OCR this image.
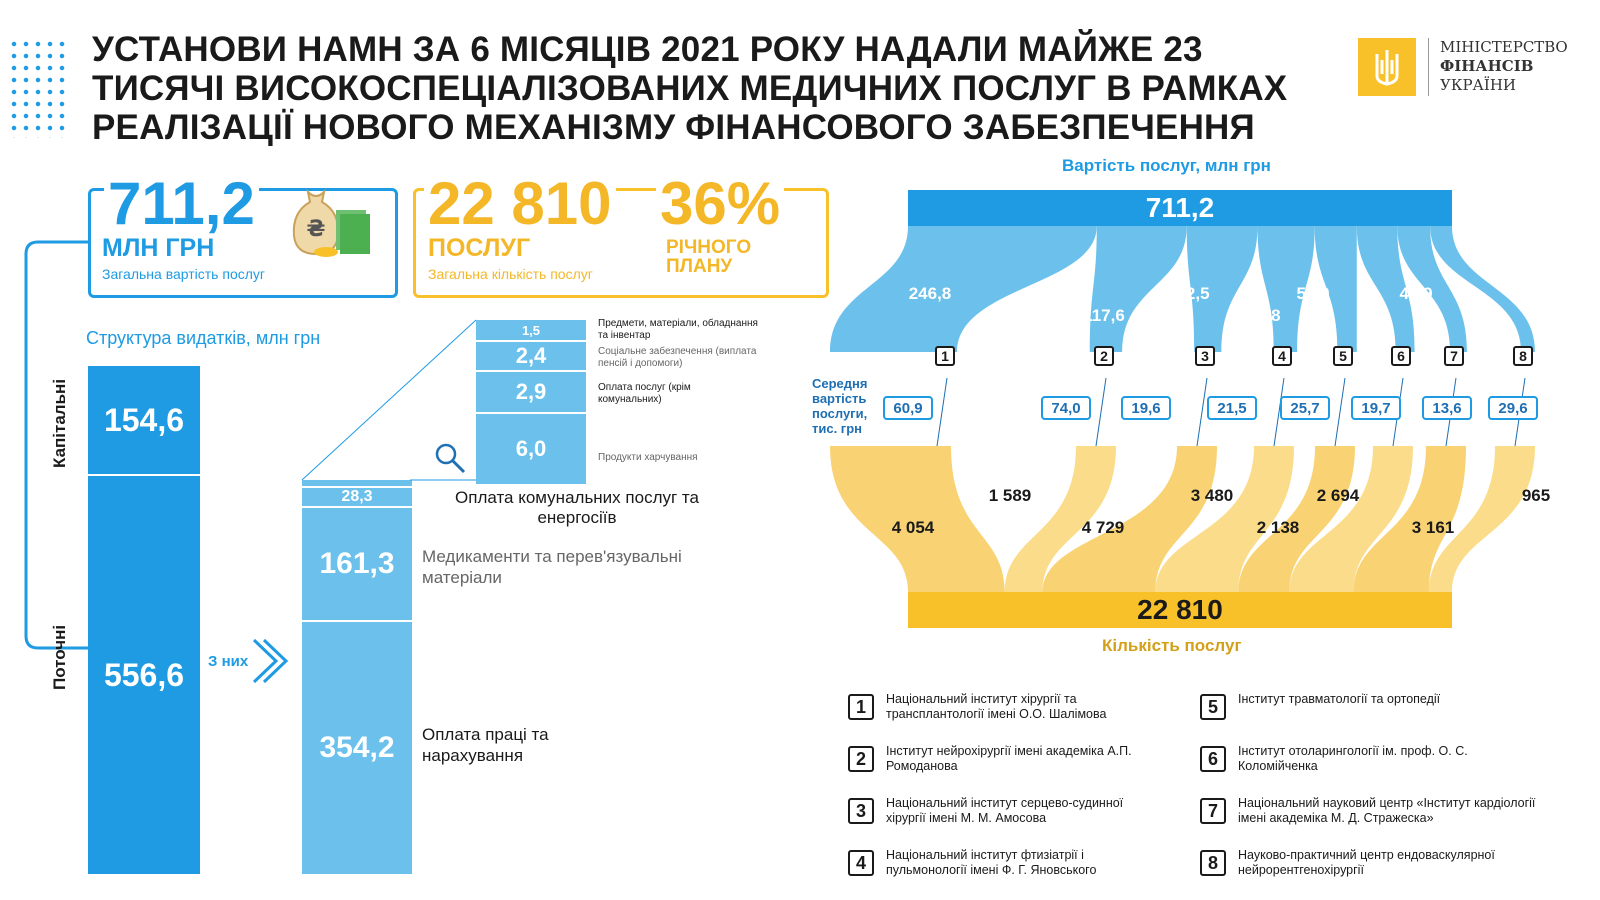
УСТАНОВИ НАМН ЗА 6 МІСЯЦІВ 2021 РОКУ НАДАЛИ МАЙЖЕ 23 ТИСЯЧІ ВИСОКОСПЕЦІАЛІЗОВАНИХ МЕДИЧНИХ ПОСЛУГ В РАМКАХ РЕАЛІЗАЦІЇ НОВОГО МЕХАНІЗМУ ФІНАНСОВОГО ЗАБЕЗПЕЧЕННЯ
МІНІСТЕРСТВО
ФІНАНСІВ
УКРАЇНИ
711,2
МЛН ГРН
Загальна вартість послуг
₴ 22 810 36%
ПОСЛУГ
Загальна кількість послуг
РІЧНОГО ПЛАНУ
Структура видатків, млн грн
Капітальні
Поточні
154,6
556,6	З них
28,3
161,3
354,2
Оплата комунальних послуг та енергосіїв
Медикаменти та перев'язувальні матеріали
Оплата праці та нарахування
1,5
2,4
2,9
6,0
Предмети, матеріали, обладнання та інвентар
Соціальне забезпечення (виплата пенсій і допомоги)
Оплата послуг (крім комунальних)
Продукти харчування
Вартість послуг, млн грн
711,2
Середня вартість послуги, тис. грн
22 810
Кількість послуг
246,8
117,6
92,5
74,8
55,0
53,0
42,9
28,6
1	2	3	4	5	6	7	8
60,9	74,0	19,6	21,5	25,7	19,7	13,6	29,6
4 054
1 589
4 729
3 480
2 138
2 694
3 161
965
1	Національний інститут хірургії та трансплантології імені О.О. Шалімова
2	Інститут нейрохірургії імені академіка А.П. Ромоданова
3	Національний інститут серцево-судинної хірургії імені М. М. Амосова
4	Національний інститут фтизіатрії і пульмонології імені Ф. Г. Яновського
5	Інститут травматології та ортопедії
6	Інститут отоларингології ім. проф. О. С. Коломійченка
7	Національний науковий центр «Інститут кардіології імені академіка М. Д. Стражеска»
8	Науково-практичний центр ендоваскулярної нейрорентгенохірургії
